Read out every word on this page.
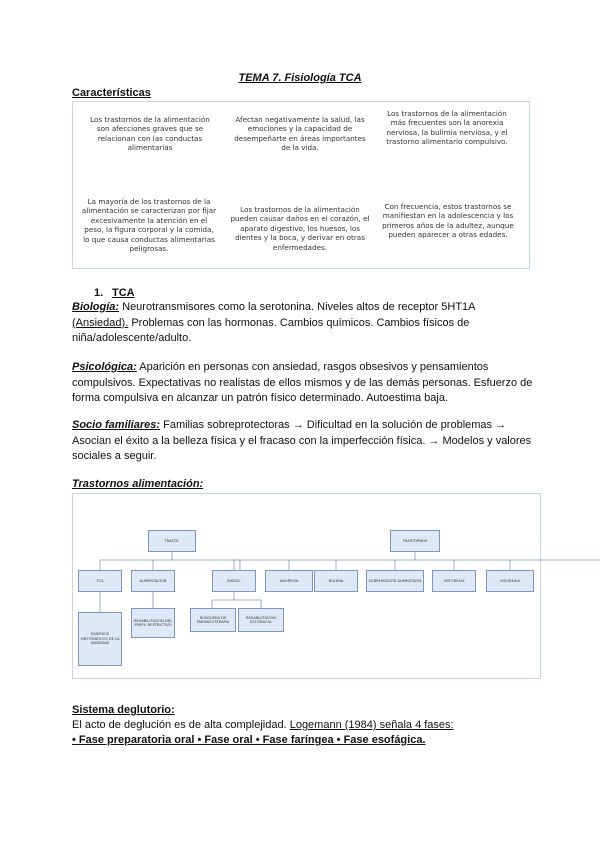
TEMA 7. Fisiología TCA
Características
Los trastornos de la alimentación son afecciones graves que se relacionan con las conductas alimentarias
Afectan negativamente la salud, las emociones y la capacidad de desempeñarte en áreas importantes de la vida.
Los trastornos de la alimentación más frecuentes son la anorexia nerviosa, la bulimia nerviosa, y el trastorno alimentario compulsivo.
La mayoría de los trastornos de la alimentación se caracterizan por fijar excesivamente la atención en el peso, la figura corporal y la comida, lo que causa conductas alimentarias peligrosas.
Los trastornos de la alimentación pueden causar daños en el corazón, el aparato digestivo, los huesos, los dientes y la boca, y derivar en otras enfermedades.
Con frecuencia, estos trastornos se manifiestan en la adolescencia y los primeros años de la adultez, aunque pueden aparecer a otras edades.
1. TCA
Biología: Neurotransmisores como la serotonina. Niveles altos de receptor 5HT1A
(Ansiedad). Problemas con las hormonas. Cambios químicos. Cambios físicos de niña/adolescente/adulto.
Psicológica: Aparición en personas con ansiedad, rasgos obsesivos y pensamientos compulsivos. Expectativas no realistas de ellos mismos y de las demás personas. Esfuerzo de forma compulsiva en alcanzar un patrón físico determinado. Autoestima baja.
Socio familiares: Familias sobreprotectoras → Dificultad en la solución de problemas → Asocian el éxito a la belleza física y el fracaso con la imperfección física. → Modelos y valores sociales a seguir.
Trastornos alimentación:
TRASTS.
TCA	ALIMENTACIÓN
DIVERSOS SINTOMÁTICOS DE LA ANSIEDAD
REHABILITACIÓN DEL PERFIL RESTRICTIVO
TRASTORNOS
DISFAG.	ANOREXIA	BULIMIA	SOBREINGESTA ALIMENTARIA	ORTOREXIA	VIGOREXIA
BÚSQUEDA DE FARMACOTERAPIA
REHABILITACIÓN ESTOMACAL
Sistema deglutorio:
El acto de deglución es de alta complejidad. Logemann (1984) señala 4 fases:
• Fase preparatoria oral • Fase oral • Fase faríngea • Fase esofágica.
